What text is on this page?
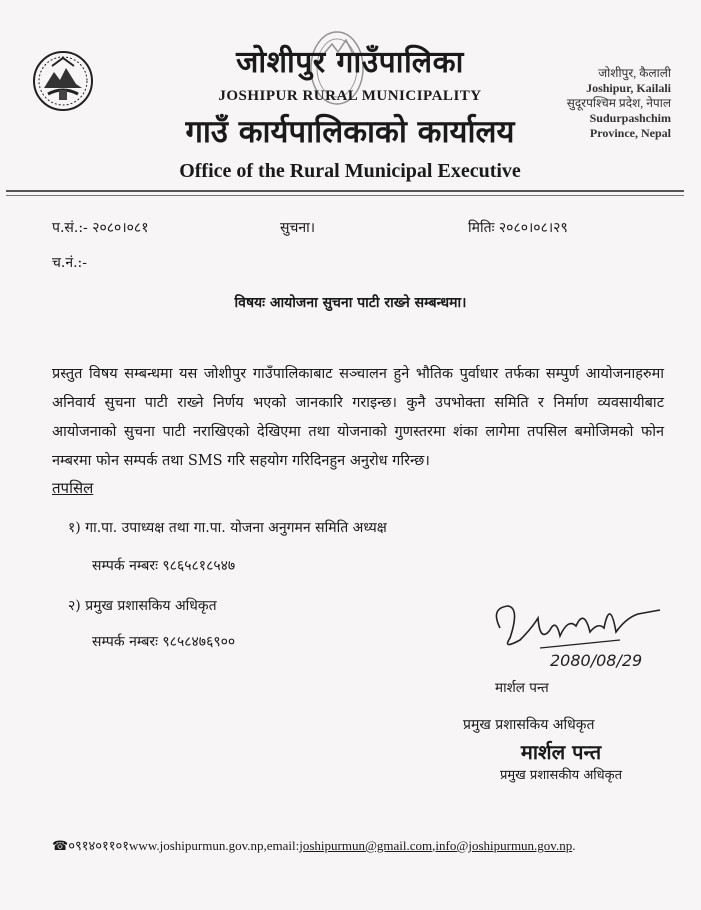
जोशीपुर गाउँपालिका
JOSHIPUR RURAL MUNICIPALITY
गाउँ कार्यपालिकाको कार्यालय
Office of the Rural Municipal Executive
जोशीपुर, कैलाली
Joshipur, Kailali
सुदूरपश्चिम प्रदेश, नेपाल
Sudurpashchim
Province, Nepal
प.सं.:- २०८०।०८१	सुचना।	मितिः २०८०।०८।२९
च.नं.:-
विषयः आयोजना सुचना पाटी राख्ने सम्बन्धमा।
प्रस्तुत विषय सम्बन्धमा यस जोशीपुर गाउँपालिकाबाट सञ्चालन हुने भौतिक पुर्वाधार तर्फका सम्पुर्ण आयोजनाहरुमा अनिवार्य सुचना पाटी राख्ने निर्णय भएको जानकारि गराइन्छ। कुनै उपभोक्ता समिति र निर्माण व्यवसायीबाट आयोजनाको सुचना पाटी नराखिएको देखिएमा तथा योजनाको गुणस्तरमा शंका लागेमा तपसिल बमोजिमको फोन नम्बरमा फोन सम्पर्क तथा SMS गरि सहयोग गरिदिनहुन अनुरोध गरिन्छ।
तपसिल
१) गा.पा. उपाध्यक्ष तथा गा.पा. योजना अनुगमन समिति अध्यक्ष
सम्पर्क नम्बरः ९८६५८१८५४७
२) प्रमुख प्रशासकिय अधिकृत
सम्पर्क नम्बरः ९८५८४७६९००
2080/08/29
मार्शल पन्त
प्रमुख प्रशासकिय अधिकृत
मार्शल पन्त
प्रमुख प्रशासकीय अधिकृत
☎०९१४०११०१www.joshipurmun.gov.np,email:joshipurmun@gmail.com,info@joshipurmun.gov.np.
